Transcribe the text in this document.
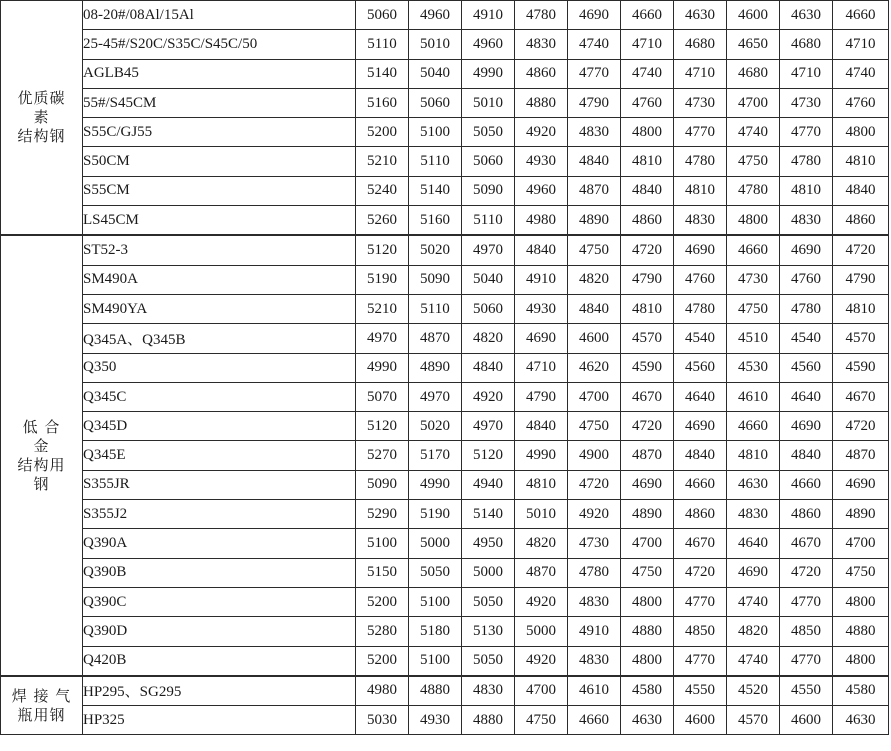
优质碳
素
结构钢	08-20#/08Al/15Al	5060	4960	4910	4780	4690	4660	4630	4600	4630	4660
	25-45#/S20C/S35C/S45C/50	5110	5010	4960	4830	4740	4710	4680	4650	4680	4710
	AGLB45	5140	5040	4990	4860	4770	4740	4710	4680	4710	4740
	55#/S45CM	5160	5060	5010	4880	4790	4760	4730	4700	4730	4760
	S55C/GJ55	5200	5100	5050	4920	4830	4800	4770	4740	4770	4800
	S50CM	5210	5110	5060	4930	4840	4810	4780	4750	4780	4810
	S55CM	5240	5140	5090	4960	4870	4840	4810	4780	4810	4840
	LS45CM	5260	5160	5110	4980	4890	4860	4830	4800	4830	4860

低 合
金
结构用
钢	ST52-3	5120	5020	4970	4840	4750	4720	4690	4660	4690	4720
	SM490A	5190	5090	5040	4910	4820	4790	4760	4730	4760	4790
	SM490YA	5210	5110	5060	4930	4840	4810	4780	4750	4780	4810
	Q345A、Q345B	4970	4870	4820	4690	4600	4570	4540	4510	4540	4570
	Q350	4990	4890	4840	4710	4620	4590	4560	4530	4560	4590
	Q345C	5070	4970	4920	4790	4700	4670	4640	4610	4640	4670
	Q345D	5120	5020	4970	4840	4750	4720	4690	4660	4690	4720
	Q345E	5270	5170	5120	4990	4900	4870	4840	4810	4840	4870
	S355JR	5090	4990	4940	4810	4720	4690	4660	4630	4660	4690
	S355J2	5290	5190	5140	5010	4920	4890	4860	4830	4860	4890
	Q390A	5100	5000	4950	4820	4730	4700	4670	4640	4670	4700
	Q390B	5150	5050	5000	4870	4780	4750	4720	4690	4720	4750
	Q390C	5200	5100	5050	4920	4830	4800	4770	4740	4770	4800
	Q390D	5280	5180	5130	5000	4910	4880	4850	4820	4850	4880
	Q420B	5200	5100	5050	4920	4830	4800	4770	4740	4770	4800

焊 接 气
瓶用钢	HP295、SG295	4980	4880	4830	4700	4610	4580	4550	4520	4550	4580
	HP325	5030	4930	4880	4750	4660	4630	4600	4570	4600	4630
